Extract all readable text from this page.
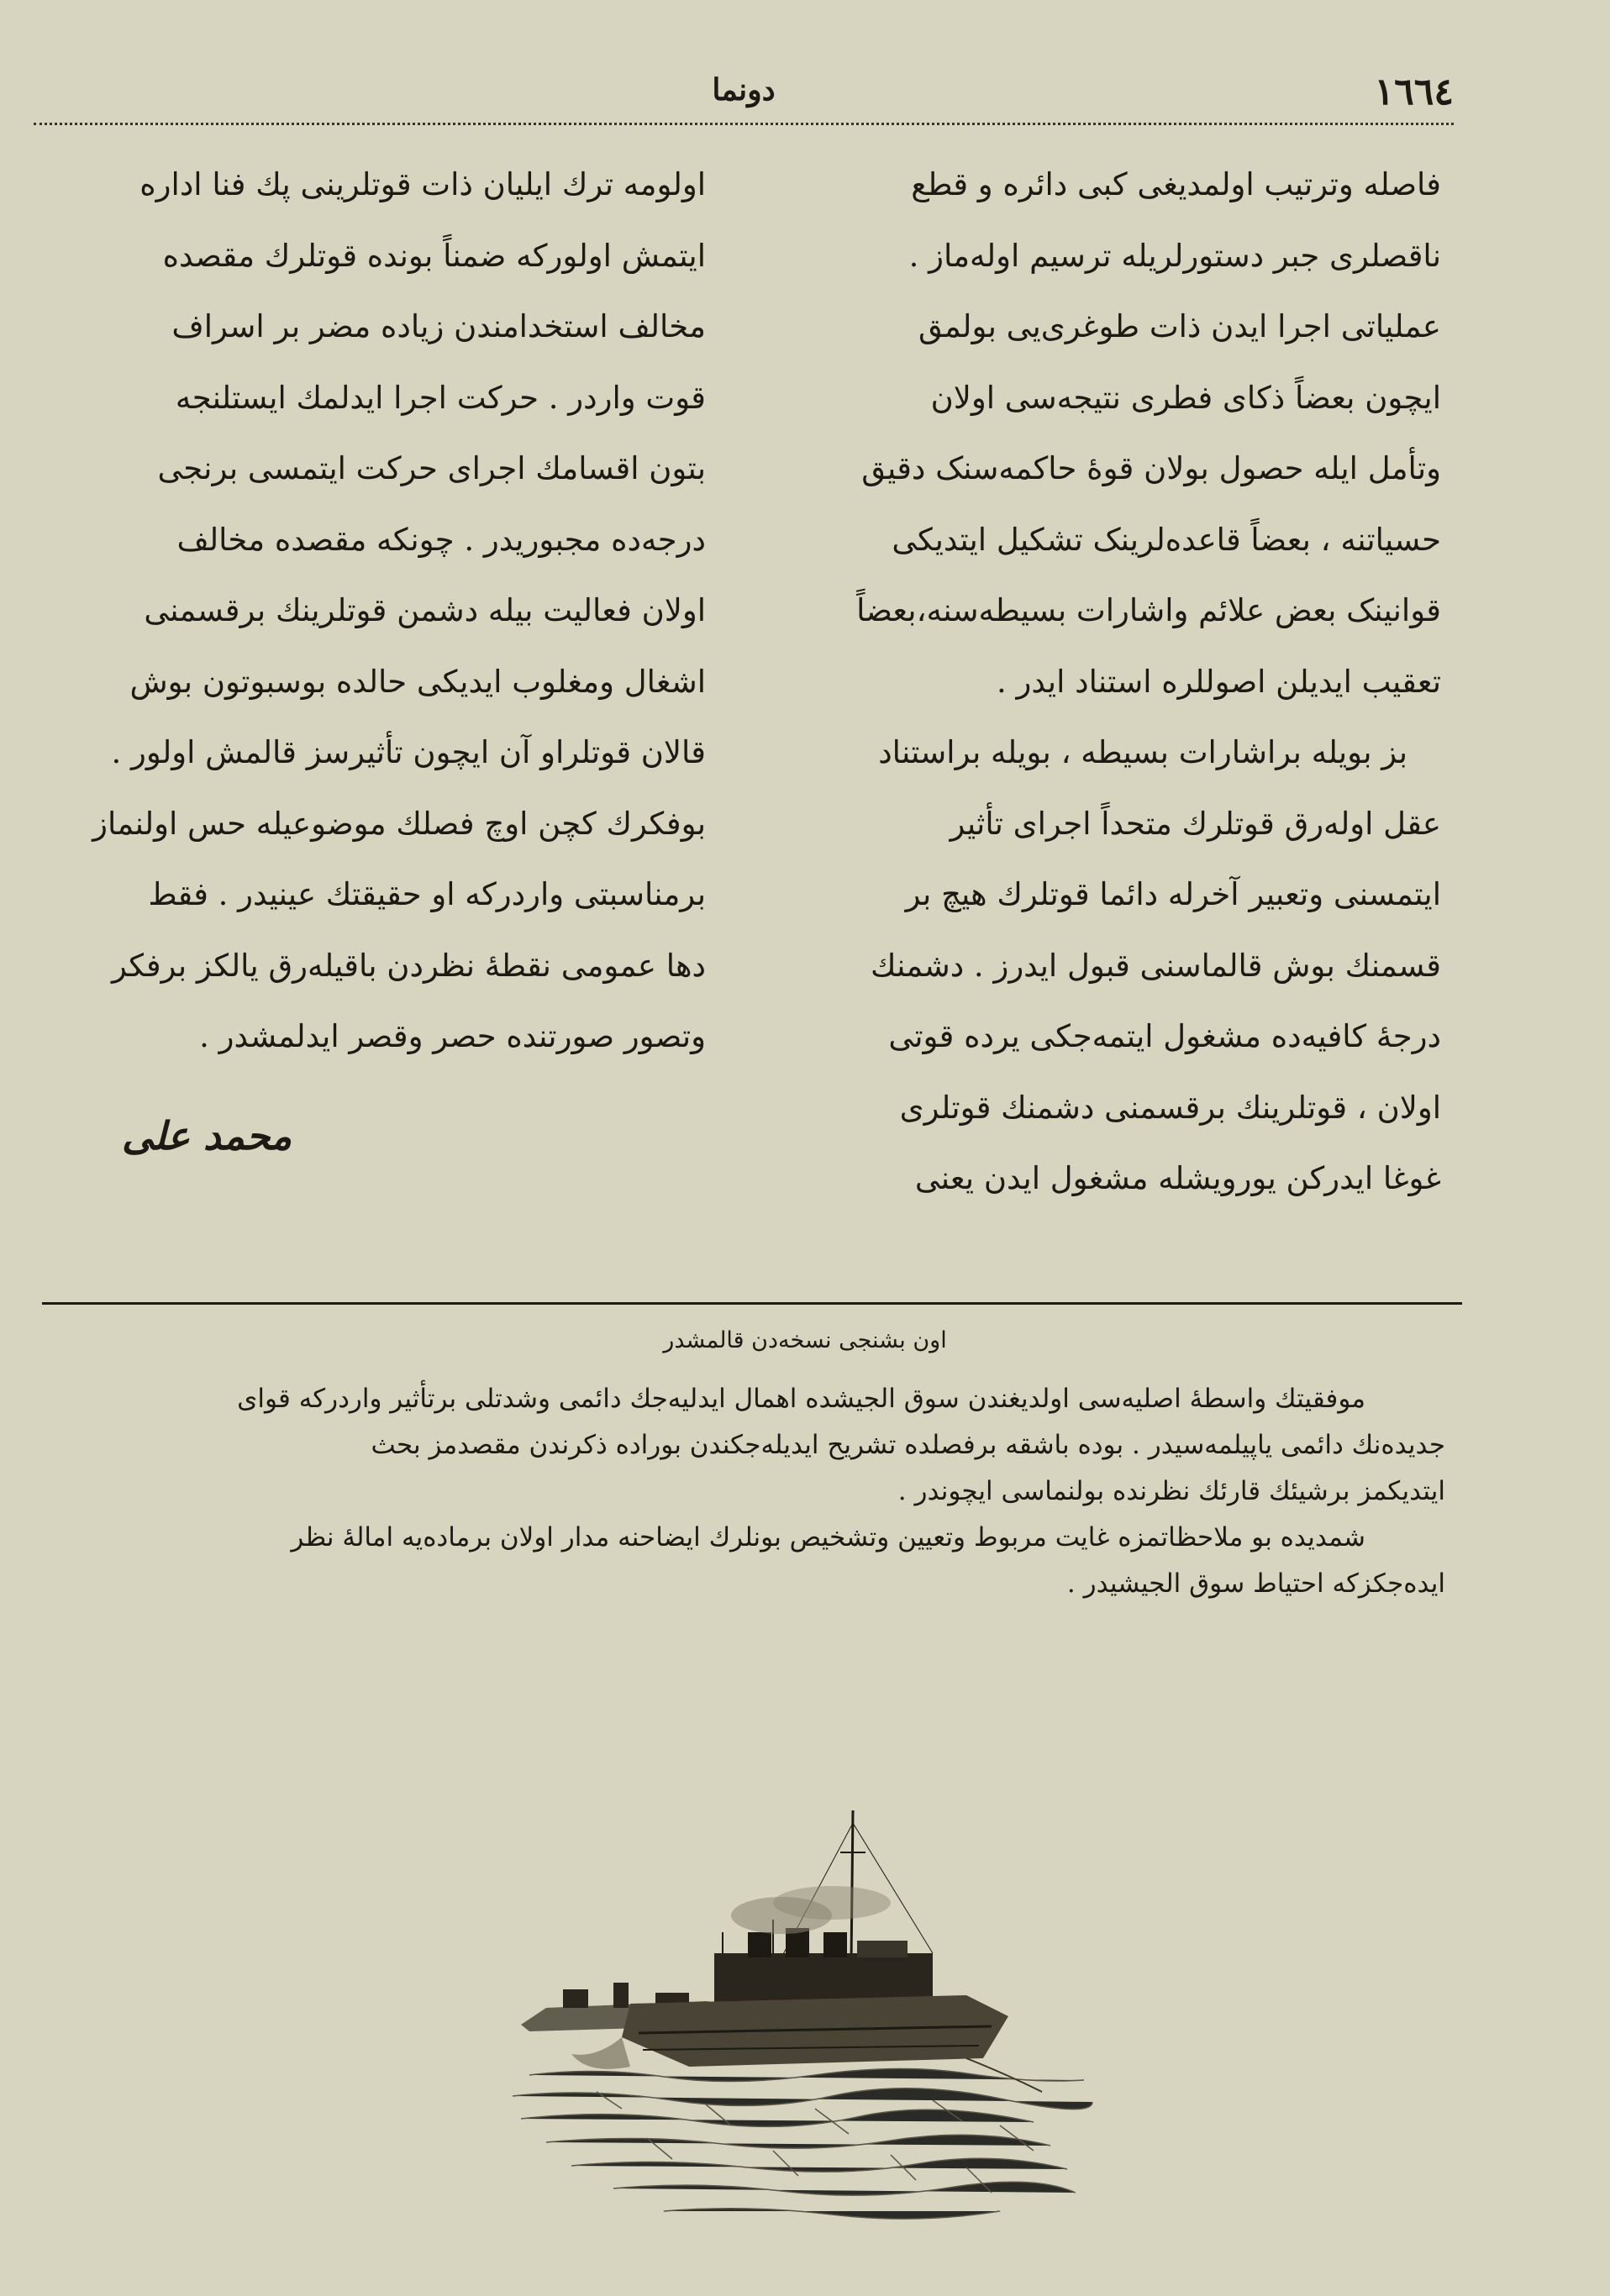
١٦٦٤
دونما

فاصله وترتیب اولمدیغی کبی دائره و قطع

ناقصلری جبر دستورلریله ترسیم اوله‌ماز .

عملیاتی اجرا ایدن ذات طوغری‌یی بولمق

ایچون بعضاً ذکای فطری نتیجه‌سی اولان

وتأمل ایله حصول بولان قوهٔ حاکمه‌سنک دقیق

حسیاتنه ، بعضاً قاعده‌لرینک تشکیل ایتدیکی

قوانینک بعض علائم واشارات بسیطه‌سنه،بعضاً

تعقیب ایدیلن اصوللره استناد ایدر .

بز بویله براشارات بسیطه ، بویله براستناد

عقل اوله‌رق قوتلرك متحداً اجرای تأثیر

ایتمسنی وتعبیر آخرله دائما قوتلرك هیچ بر

قسمنك بوش قالماسنی قبول ایدرز . دشمنك

درجهٔ کافیه‌ده مشغول ایتمه‌جکی یرده قوتی

اولان ، قوتلرینك برقسمنی دشمنك قوتلری

غوغا ایدرکن یورویشله مشغول ایدن یعنی

اولومه ترك ایلیان ذات قوتلرینی پك فنا اداره

ایتمش اولورکه ضمناً بونده قوتلرك مقصده

مخالف استخدامندن زیاده مضر بر اسراف

قوت واردر . حرکت اجرا ایدلمك ایستلنجه

بتون اقسامك اجرای حرکت ایتمسی برنجی

درجه‌ده مجبوریدر . چونکه مقصده مخالف

اولان فعالیت بیله دشمن قوتلرینك برقسمنی

اشغال ومغلوب ایدیکی حالده بوسبوتون بوش

قالان قوتلراو آن ایچون تأثیرسز قالمش اولور .

بوفکرك کچن اوچ فصلك موضوعیله حس اولنماز

برمناسبتی واردرکه او حقیقتك عینیدر . فقط

دها عمومی نقطهٔ نظردن باقیله‌رق یالکز برفکر

وتصور صورتنده حصر وقصر ایدلمشدر .

محمد علی
اون بشنجی نسخه‌دن قالمشدر

موفقیتك واسطهٔ اصلیه‌سی اولدیغندن سوق الجیشده اهمال ایدلیه‌جك دائمی وشدتلی برتأثیر واردرکه قوای

جدیده‌نك دائمی یاپیلمه‌سیدر . بوده باشقه برفصلده تشریح ایدیله‌جکندن بوراده ذکرندن مقصدمز بحث

ایتدیکمز برشیئك قارئك نظرنده بولنماسی ایچوندر .

شمدیده بو ملاحظاتمزه غایت مربوط وتعیین وتشخیص بونلرك ایضاحنه مدار اولان برماده‌یه امالهٔ نظر

ایده‌جکزکه احتیاط سوق الجیشیدر .
